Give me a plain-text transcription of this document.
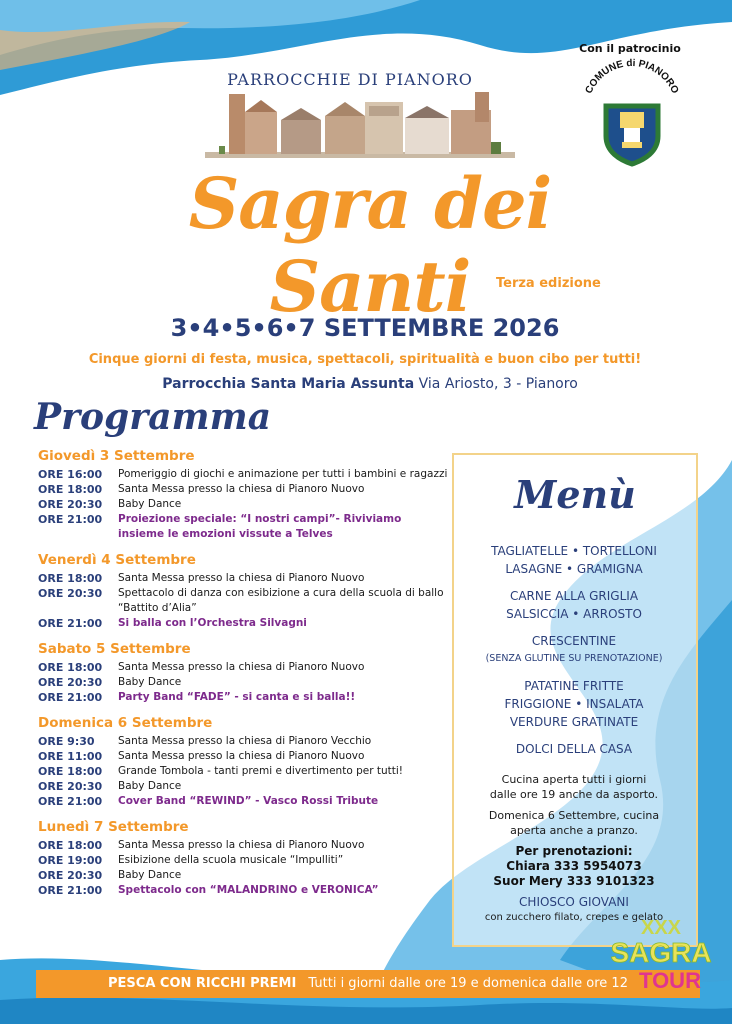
PARROCCHIE DI PIANORO
Con il patrocinio
COMUNE di PIANORO
Sagra dei Santi	Terza edizione
3•4•5•6•7 SETTEMBRE 2026
Cinque giorni di festa, musica, spettacoli, spiritualità e buon cibo per tutti!
Parrocchia Santa Maria Assunta Via Ariosto, 3 - Pianoro
Programma
Giovedì 3 Settembre
ORE 16:00	Pomeriggio di giochi e animazione per tutti i bambini e ragazzi
ORE 18:00	Santa Messa presso la chiesa di Pianoro Nuovo
ORE 20:30	Baby Dance
ORE 21:00	Proiezione speciale: “I nostri campi”- Riviviamo insieme le emozioni vissute a Telves
Venerdì 4 Settembre
ORE 18:00	Santa Messa presso la chiesa di Pianoro Nuovo
ORE 20:30	Spettacolo di danza con esibizione a cura della scuola di ballo “Battito d’Alia”
ORE 21:00	Si balla con l’Orchestra Silvagni
Sabato 5 Settembre
ORE 18:00	Santa Messa presso la chiesa di Pianoro Nuovo
ORE 20:30	Baby Dance
ORE 21:00	Party Band “FADE” - si canta e si balla!!
Domenica 6 Settembre
ORE 9:30	Santa Messa presso la chiesa di Pianoro Vecchio
ORE 11:00	Santa Messa presso la chiesa di Pianoro Nuovo
ORE 18:00	Grande Tombola - tanti premi e divertimento per tutti!
ORE 20:30	Baby Dance
ORE 21:00	Cover Band “REWIND” - Vasco Rossi Tribute
Lunedì 7 Settembre
ORE 18:00	Santa Messa presso la chiesa di Pianoro Nuovo
ORE 19:00	Esibizione della scuola musicale “Impulliti”
ORE 20:30	Baby Dance
ORE 21:00	Spettacolo con “MALANDRINO e VERONICA”
Menù
TAGLIATELLE • TORTELLONI
LASAGNE • GRAMIGNA
CARNE ALLA GRIGLIA
SALSICCIA • ARROSTO
CRESCENTINE
(SENZA GLUTINE SU PRENOTAZIONE)
PATATINE FRITTE
FRIGGIONE • INSALATA
VERDURE GRATINATE
DOLCI DELLA CASA
Cucina aperta tutti i giorni
dalle ore 19 anche da asporto.
Domenica 6 Settembre, cucina
aperta anche a pranzo.
Per prenotazioni:
Chiara 333 5954073
Suor Mery 333 9101323
CHIOSCO GIOVANI
con zucchero filato, crepes e gelato
PESCA CON RICCHI PREMI Tutti i giorni dalle ore 19 e domenica dalle ore 12
XXX
SAGRA
TOUR
